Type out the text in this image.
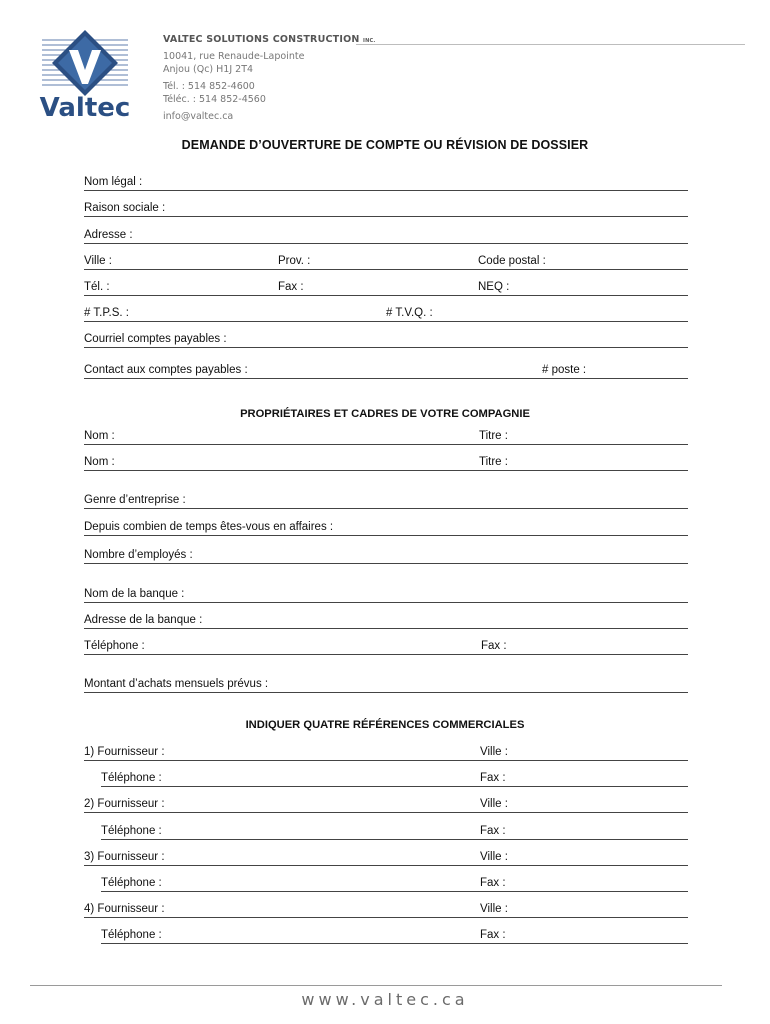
Valtec
VALTEC SOLUTIONS CONSTRUCTION INC.
10041, rue Renaude-Lapointe
Anjou (Qc) H1J 2T4
Tél. : 514 852-4600
Téléc. : 514 852-4560
info@valtec.ca
DEMANDE D’OUVERTURE DE COMPTE OU RÉVISION DE DOSSIER
Nom légal :
Raison sociale :
Adresse :
Ville :	Prov. :	Code postal :
Tél. :	Fax :	NEQ :
# T.P.S. :	# T.V.Q. :
Courriel comptes payables :
Contact aux comptes payables :	# poste :
PROPRIÉTAIRES ET CADRES DE VOTRE COMPAGNIE
Nom :	Titre :
Nom :	Titre :
Genre d’entreprise :
Depuis combien de temps êtes-vous en affaires :
Nombre d’employés :
Nom de la banque :
Adresse de la banque :
Téléphone :	Fax :
Montant d’achats mensuels prévus :
INDIQUER QUATRE RÉFÉRENCES COMMERCIALES
1) Fournisseur :	Ville :
Téléphone :	Fax :
2) Fournisseur :	Ville :
Téléphone :	Fax :
3) Fournisseur :	Ville :
Téléphone :	Fax :
4) Fournisseur :	Ville :
Téléphone :	Fax :
www.valtec.ca
